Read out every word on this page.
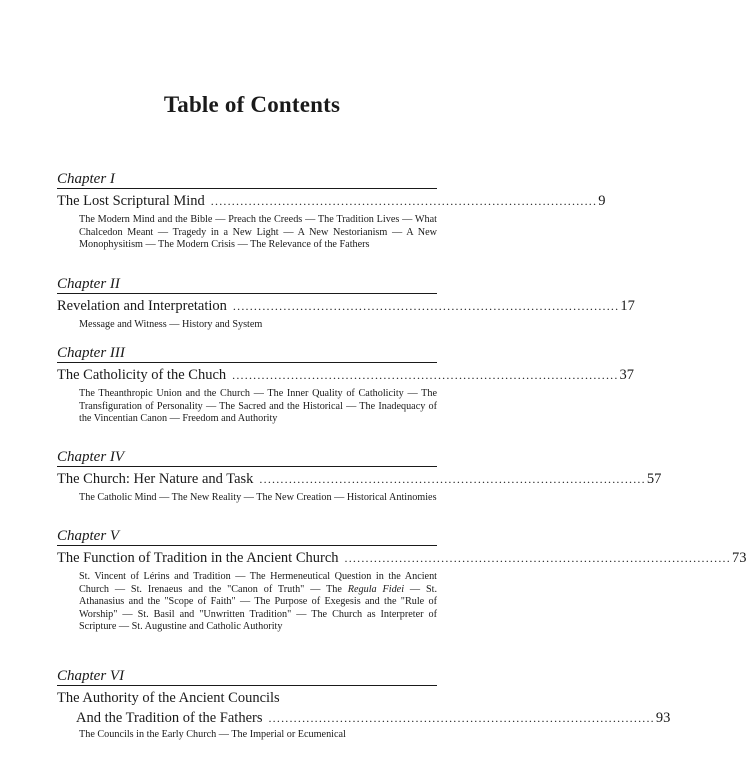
Table of Contents
Chapter I
The Lost Scriptural Mind ............................................................................................ 9
The Modern Mind and the Bible — Preach the Creeds — The Tradition Lives — What Chalcedon Meant — Tragedy in a New Light — A New Nestorianism — A New Monophysitism — The Modern Crisis — The Relevance of the Fathers
Chapter II
Revelation and Interpretation ............................................................................................ 17
Message and Witness — History and System
Chapter III
The Catholicity of the Chuch ............................................................................................ 37
The Theanthropic Union and the Church — The Inner Quality of Catholicity — The Transfiguration of Personality — The Sacred and the Historical — The Inadequacy of the Vincentian Canon — Freedom and Authority
Chapter IV
The Church: Her Nature and Task ............................................................................................ 57
The Catholic Mind — The New Reality — The New Creation — Historical Antinomies
Chapter V
The Function of Tradition in the Ancient Church ............................................................................................ 73
St. Vincent of Lérins and Tradition — The Hermeneutical Question in the Ancient Church — St. Irenaeus and the "Canon of Truth" — The Regula Fidei — St. Athanasius and the "Scope of Faith" — The Purpose of Exegesis and the "Rule of Worship" — St. Basil and "Unwritten Tradition" — The Church as Interpreter of Scripture — St. Augustine and Catholic Authority
Chapter VI
The Authority of the Ancient Councils
And the Tradition of the Fathers ............................................................................................ 93
The Councils in the Early Church — The Imperial or Ecumenical
